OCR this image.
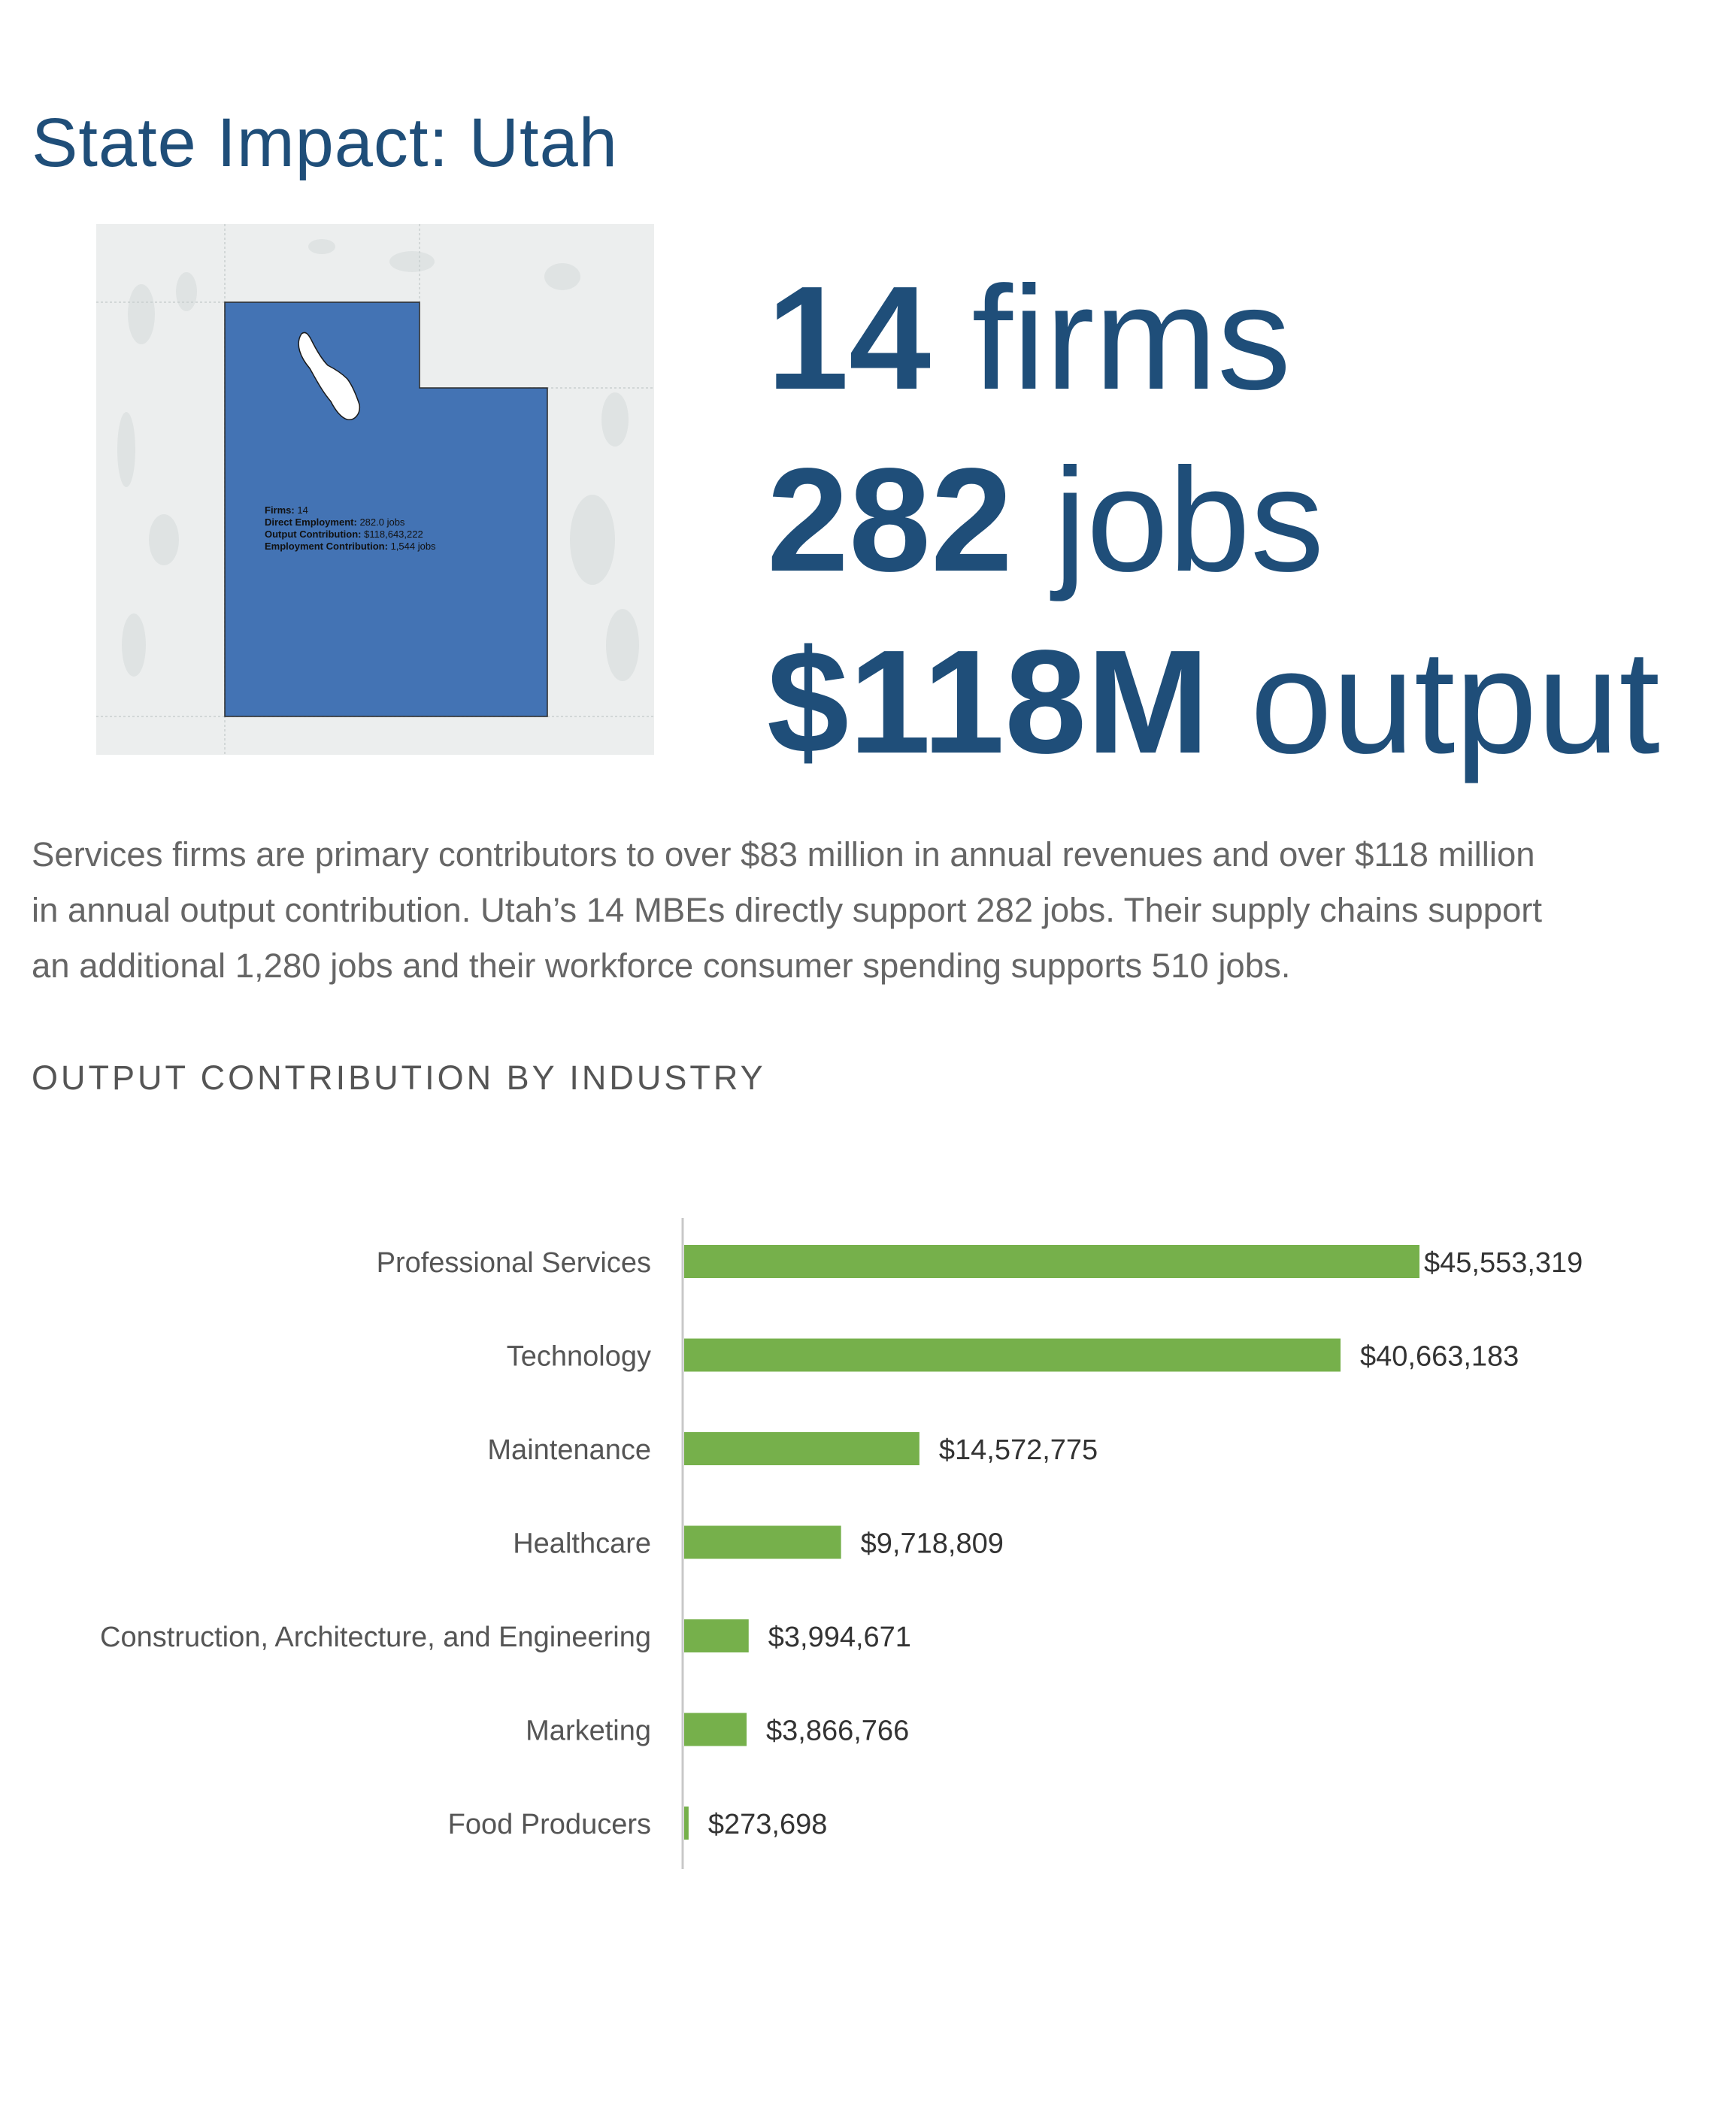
State Impact: Utah
Firms: 14
Direct Employment: 282.0 jobs
Output Contribution: $118,643,222
Employment Contribution: 1,544 jobs
14 firms
282 jobs
$118M output

Services firms are primary contributors to over $83 million in annual revenues and over $118 million
in annual output contribution. Utah’s 14 MBEs directly support 282 jobs. Their supply chains support
an additional 1,280 jobs and their workforce consumer spending supports 510 jobs.

OUTPUT CONTRIBUTION BY INDUSTRY
Professional Services	$45,553,319
Technology	$40,663,183
Maintenance	$14,572,775
Healthcare	$9,718,809
Construction, Architecture, and Engineering	$3,994,671
Marketing	$3,866,766
Food Producers $273,698
